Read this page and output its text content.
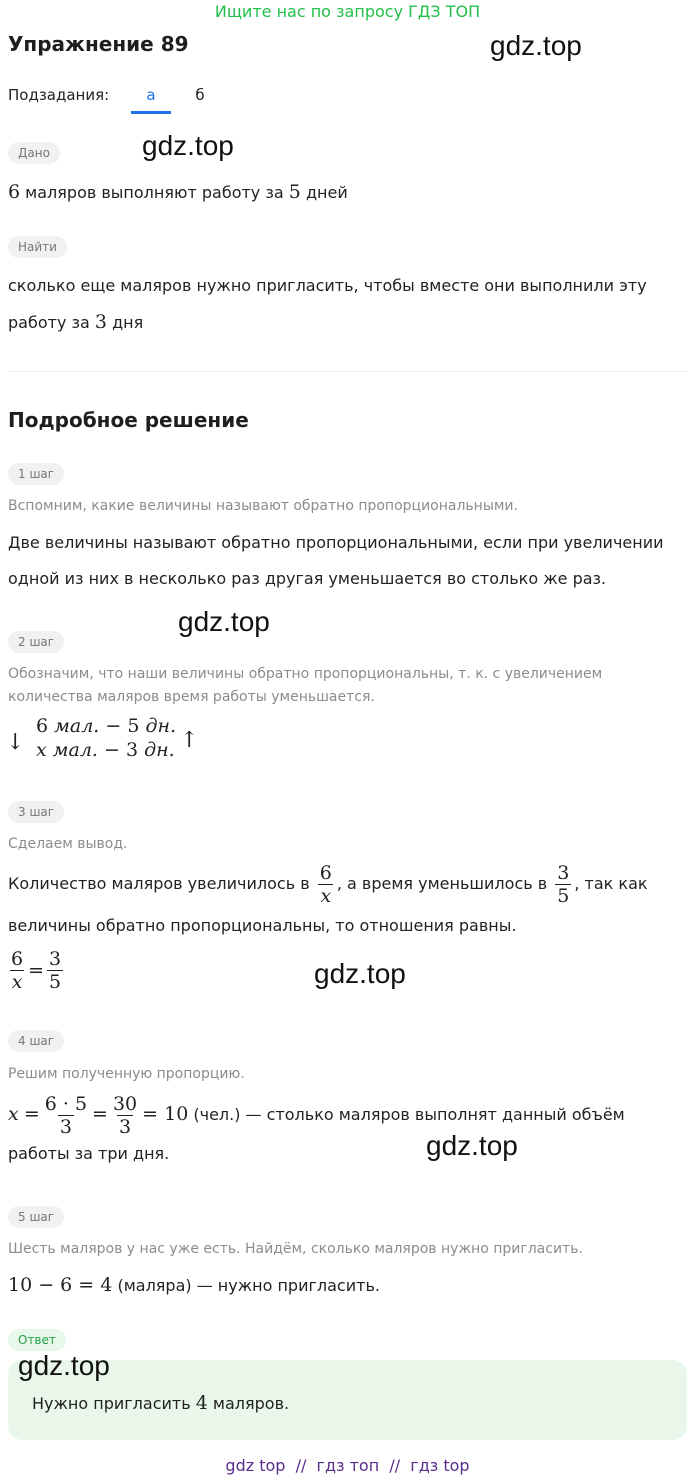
Ищите нас по запросу ГДЗ ТОП
Упражнение 89	gdz.top
Подзадания:	а	б
Дано	gdz.top
6 маляров выполняют работу за 5 дней
Найти
сколько еще маляров нужно пригласить, чтобы вместе они выполнили эту
работу за 3 дня
Подробное решение
1 шаг
Вспомним, какие величины называют обратно пропорциональными.
Две величины называют обратно пропорциональными, если при увеличении
одной из них в несколько раз другая уменьшается во столько же раз.
gdz.top
2 шаг
Обозначим, что наши величины обратно пропорциональны, т. к. с увеличением
количества маляров время работы уменьшается.
↓
6 мал. − 5 дн.
x мал. − 3 дн. ↑
3 шаг
Сделаем вывод.
Количество маляров увеличилось в $\frac{6}{x}$ , а время уменьшилось в $\frac{3}{5}$ , так как
величины обратно пропорциональны, то отношения равны.
$\frac{6}{x} = \frac{3}{5}$	gdz.top
4 шаг
Решим полученную пропорцию.
$x = \frac{6 \cdot 5}{3} = \frac{30}{3} = 10$ (чел.) — столько маляров выполнят данный объём
работы за три дня.	gdz.top
5 шаг
Шесть маляров у нас уже есть. Найдём, сколько маляров нужно пригласить.
10 − 6 = 4 (маляра) — нужно пригласить.
Ответ
gdz.top
Нужно пригласить 4 маляров.
gdz top  //  гдз топ  //  гдз top
